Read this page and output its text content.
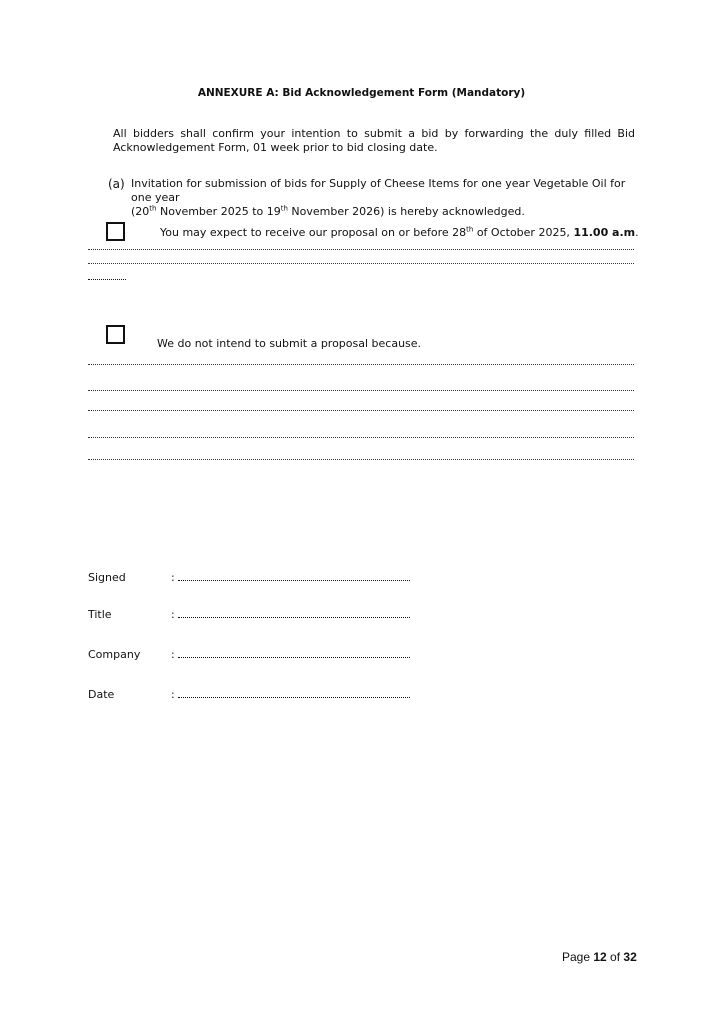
ANNEXURE A: Bid Acknowledgement Form (Mandatory)
All bidders shall confirm your intention to submit a bid by forwarding the duly filled Bid
Acknowledgement Form, 01 week prior to bid closing date.
(a) Invitation for submission of bids for Supply of Cheese Items for one year Vegetable Oil for one year
(20th November 2025 to 19th November 2026) is hereby acknowledged.
You may expect to receive our proposal on or before 28th of October 2025, 11.00 a.m.
We do not intend to submit a proposal because.
Signed	:
Title	:
Company	:
Date	:
Page 12 of 32
